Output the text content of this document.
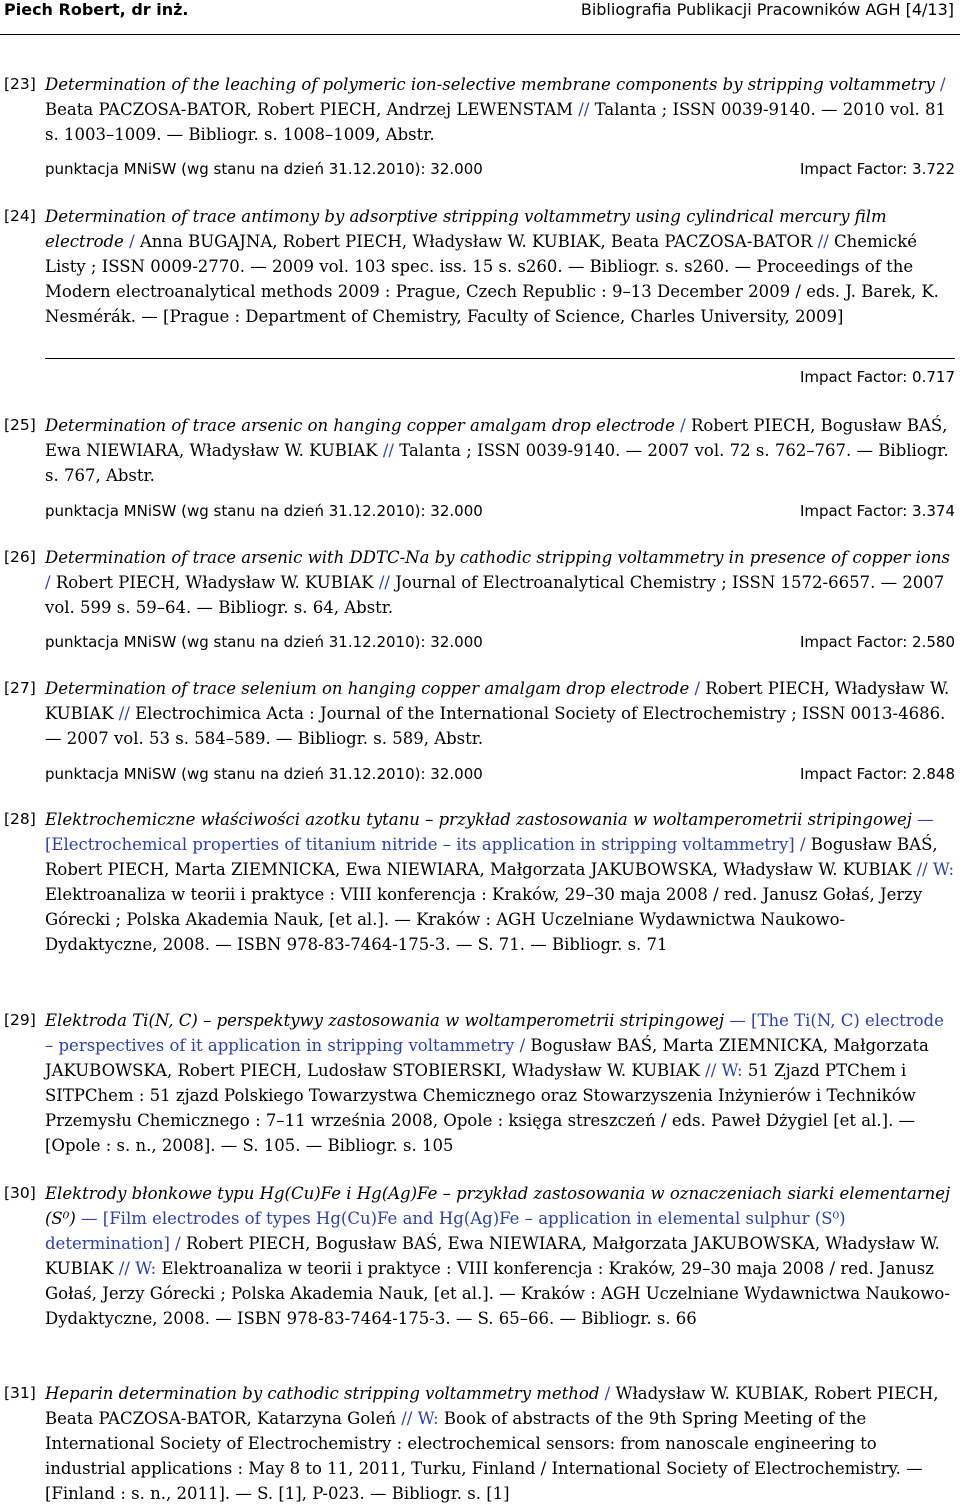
Piech Robert, dr inż.	Bibliografia Publikacji Pracowników AGH [4/13]
[23] Determination of the leaching of polymeric ion-selective membrane components by stripping voltammetry / Beata PACZOSA-BATOR, Robert PIECH, Andrzej LEWENSTAM // Talanta ; ISSN 0039-9140. — 2010 vol. 81 s. 1003–1009. — Bibliogr. s. 1008–1009, Abstr.
punktacja MNiSW (wg stanu na dzień 31.12.2010): 32.000	Impact Factor: 3.722
[24] Determination of trace antimony by adsorptive stripping voltammetry using cylindrical mercury film electrode / Anna BUGAJNA, Robert PIECH, Władysław W. KUBIAK, Beata PACZOSA-BATOR // Chemické Listy ; ISSN 0009-2770. — 2009 vol. 103 spec. iss. 15 s. s260. — Bibliogr. s. s260. — Proceedings of the Modern electroanalytical methods 2009 : Prague, Czech Republic : 9–13 December 2009 / eds. J. Barek, K. Nesmérák. — [Prague : Department of Chemistry, Faculty of Science, Charles University, 2009]
Impact Factor: 0.717
[25] Determination of trace arsenic on hanging copper amalgam drop electrode / Robert PIECH, Bogusław BAŚ, Ewa NIEWIARA, Władysław W. KUBIAK // Talanta ; ISSN 0039-9140. — 2007 vol. 72 s. 762–767. — Bibliogr. s. 767, Abstr.
punktacja MNiSW (wg stanu na dzień 31.12.2010): 32.000	Impact Factor: 3.374
[26] Determination of trace arsenic with DDTC-Na by cathodic stripping voltammetry in presence of copper ions / Robert PIECH, Władysław W. KUBIAK // Journal of Electroanalytical Chemistry ; ISSN 1572-6657. — 2007 vol. 599 s. 59–64. — Bibliogr. s. 64, Abstr.
punktacja MNiSW (wg stanu na dzień 31.12.2010): 32.000	Impact Factor: 2.580
[27] Determination of trace selenium on hanging copper amalgam drop electrode / Robert PIECH, Władysław W. KUBIAK // Electrochimica Acta : Journal of the International Society of Electrochemistry ; ISSN 0013-4686. — 2007 vol. 53 s. 584–589. — Bibliogr. s. 589, Abstr.
punktacja MNiSW (wg stanu na dzień 31.12.2010): 32.000	Impact Factor: 2.848
[28] Elektrochemiczne właściwości azotku tytanu – przykład zastosowania w woltamperometrii stripingowej — [Electrochemical properties of titanium nitride – its application in stripping voltammetry] / Bogusław BAŚ, Robert PIECH, Marta ZIEMNICKA, Ewa NIEWIARA, Małgorzata JAKUBOWSKA, Władysław W. KUBIAK // W: Elektroanaliza w teorii i praktyce : VIII konferencja : Kraków, 29–30 maja 2008 / red. Janusz Gołaś, Jerzy Górecki ; Polska Akademia Nauk, [et al.]. — Kraków : AGH Uczelniane Wydawnictwa Naukowo-Dydaktyczne, 2008. — ISBN 978-83-7464-175-3. — S. 71. — Bibliogr. s. 71
[29] Elektroda Ti(N, C) – perspektywy zastosowania w woltamperometrii stripingowej — [The Ti(N, C) electrode – perspectives of it application in stripping voltammetry / Bogusław BAŚ, Marta ZIEMNICKA, Małgorzata JAKUBOWSKA, Robert PIECH, Ludosław STOBIERSKI, Władysław W. KUBIAK // W: 51 Zjazd PTChem i SITPChem : 51 zjazd Polskiego Towarzystwa Chemicznego oraz Stowarzyszenia Inżynierów i Techników Przemysłu Chemicznego : 7–11 września 2008, Opole : księga streszczeń / eds. Paweł Dżygiel [et al.]. — [Opole : s. n., 2008]. — S. 105. — Bibliogr. s. 105
[30] Elektrody błonkowe typu Hg(Cu)Fe i Hg(Ag)Fe – przykład zastosowania w oznaczeniach siarki elementarnej (S⁰) — [Film electrodes of types Hg(Cu)Fe and Hg(Ag)Fe – application in elemental sulphur (S⁰) determination] / Robert PIECH, Bogusław BAŚ, Ewa NIEWIARA, Małgorzata JAKUBOWSKA, Władysław W. KUBIAK // W: Elektroanaliza w teorii i praktyce : VIII konferencja : Kraków, 29–30 maja 2008 / red. Janusz Gołaś, Jerzy Górecki ; Polska Akademia Nauk, [et al.]. — Kraków : AGH Uczelniane Wydawnictwa Naukowo-Dydaktyczne, 2008. — ISBN 978-83-7464-175-3. — S. 65–66. — Bibliogr. s. 66
[31] Heparin determination by cathodic stripping voltammetry method / Władysław W. KUBIAK, Robert PIECH, Beata PACZOSA-BATOR, Katarzyna Goleń // W: Book of abstracts of the 9th Spring Meeting of the International Society of Electrochemistry : electrochemical sensors: from nanoscale engineering to industrial applications : May 8 to 11, 2011, Turku, Finland / International Society of Electrochemistry. — [Finland : s. n., 2011]. — S. [1], P-023. — Bibliogr. s. [1]
